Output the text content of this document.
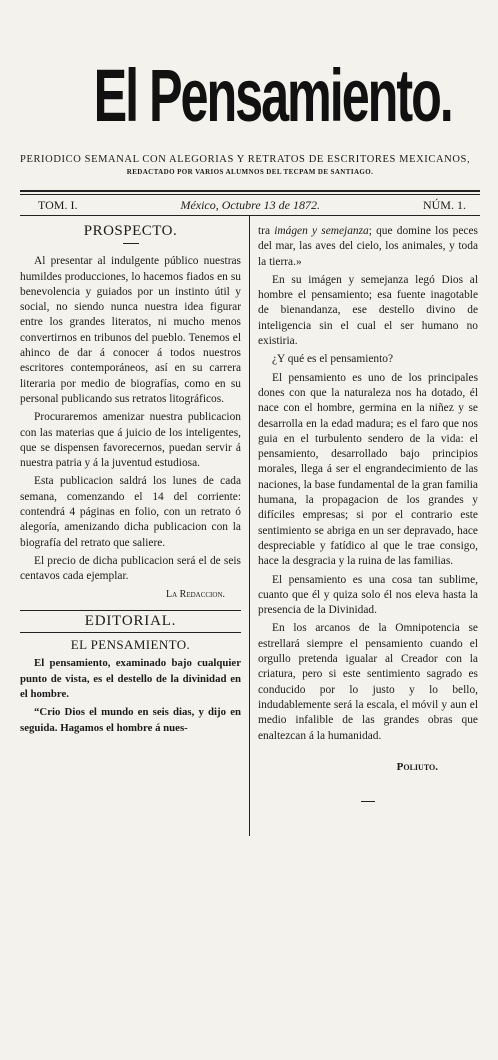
El Pensamiento.
PERIODICO SEMANAL CON ALEGORIAS Y RETRATOS DE ESCRITORES MEXICANOS,
REDACTADO POR VARIOS ALUMNOS DEL TECPAM DE SANTIAGO.
TOM. I.	México, Octubre 13 de 1872.	NÚM. 1.
PROSPECTO.

Al presentar al indulgente público nuestras humildes producciones, lo hacemos fiados en su benevolencia y guiados por un instinto útil y social, no siendo nunca nuestra idea figurar entre los grandes literatos, ni mucho menos convertirnos en tribunos del pueblo. Tenemos el ahinco de dar á conocer á todos nuestros escritores contemporáneos, así en su carrera literaria por medio de biografías, como en su personal publicando sus retratos litográficos.

Procuraremos amenizar nuestra publicacion con las materias que á juicio de los inteligentes, que se dispensen favorecernos, puedan servir á nuestra patria y á la juventud estudiosa.

Esta publicacion saldrá los lunes de cada semana, comenzando el 14 del corriente: contendrá 4 páginas en folio, con un retrato ó alegoría, amenizando dicha publicacion con la biografía del retrato que saliere.

El precio de dicha publicacion será el de seis centavos cada ejemplar.

La Redaccion.
EDITORIAL.
EL PENSAMIENTO.

El pensamiento, examinado bajo cualquier punto de vista, es el destello de la divinidad en el hombre.

“Crio Dios el mundo en seis dias, y dijo en seguida. Hagamos el hombre á nues-

tra imágen y semejanza; que domine los peces del mar, las aves del cielo, los animales, y toda la tierra.»

En su imágen y semejanza legó Dios al hombre el pensamiento; esa fuente inagotable de bienandanza, ese destello divino de inteligencia sin el cual el ser humano no existiria.

¿Y qué es el pensamiento?

El pensamiento es uno de los principales dones con que la naturaleza nos ha dotado, él nace con el hombre, germina en la niñez y se desarrolla en la edad madura; es el faro que nos guia en el turbulento sendero de la vida: el pensamiento, desarrollado bajo principios morales, llega á ser el engrandecimiento de las naciones, la base fundamental de la gran familia humana, la propagacion de los grandes y difíciles empresas; si por el contrario este sentimiento se abriga en un ser depravado, hace despreciable y fatídico al que le trae consigo, hace la desgracia y la ruina de las familias.

El pensamiento es una cosa tan sublime, cuanto que él y quiza solo él nos eleva hasta la presencia de la Divinidad.

En los arcanos de la Omnipotencia se estrellará siempre el pensamiento cuando el orgullo pretenda igualar al Creador con la criatura, pero si este sentimiento sagrado es conducido por lo justo y lo bello, indudablemente será la escala, el móvil y aun el medio infalible de las grandes obras que enaltezcan á la humanidad.

Poliuto.
